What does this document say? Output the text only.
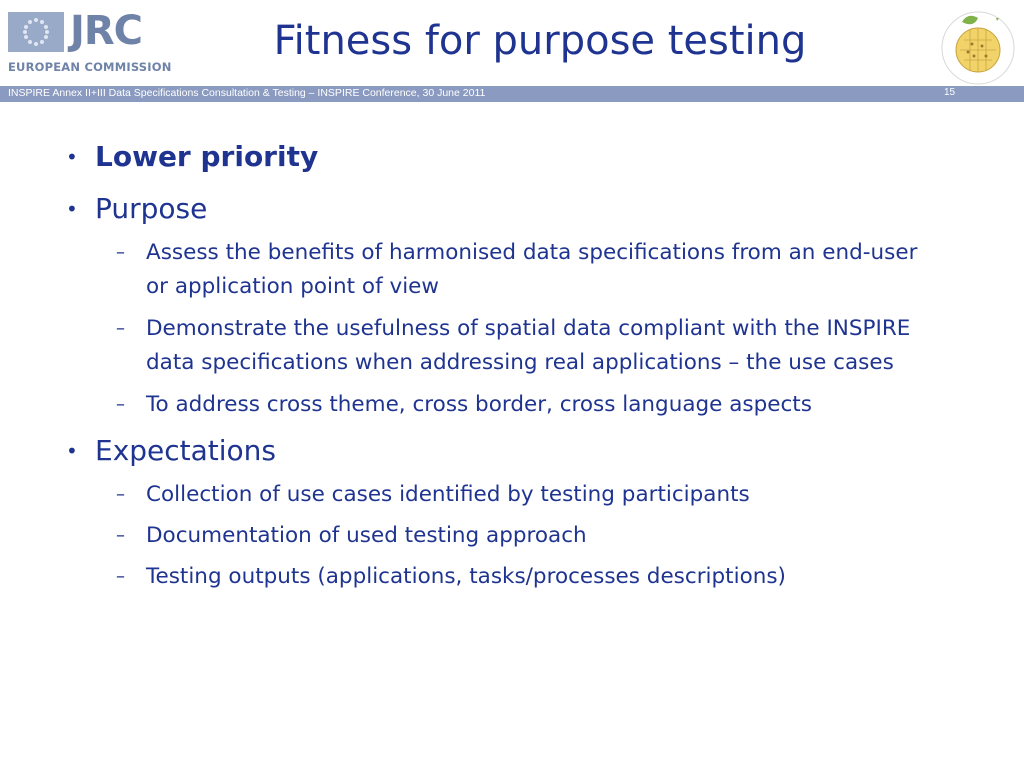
JRC
EUROPEAN COMMISSION
Fitness for purpose testing
INSPIRE Annex II+III Data Specifications Consultation & Testing – INSPIRE Conference, 30 June 2011	15
• Lower priority
• Purpose
– Assess the benefits of harmonised data specifications from an end-user or application point of view
– Demonstrate the usefulness of spatial data compliant with the INSPIRE data specifications when addressing real applications – the use cases
– To address cross theme, cross border, cross language aspects
• Expectations
– Collection of use cases identified by testing participants
– Documentation of used testing approach
– Testing outputs (applications, tasks/processes descriptions)
